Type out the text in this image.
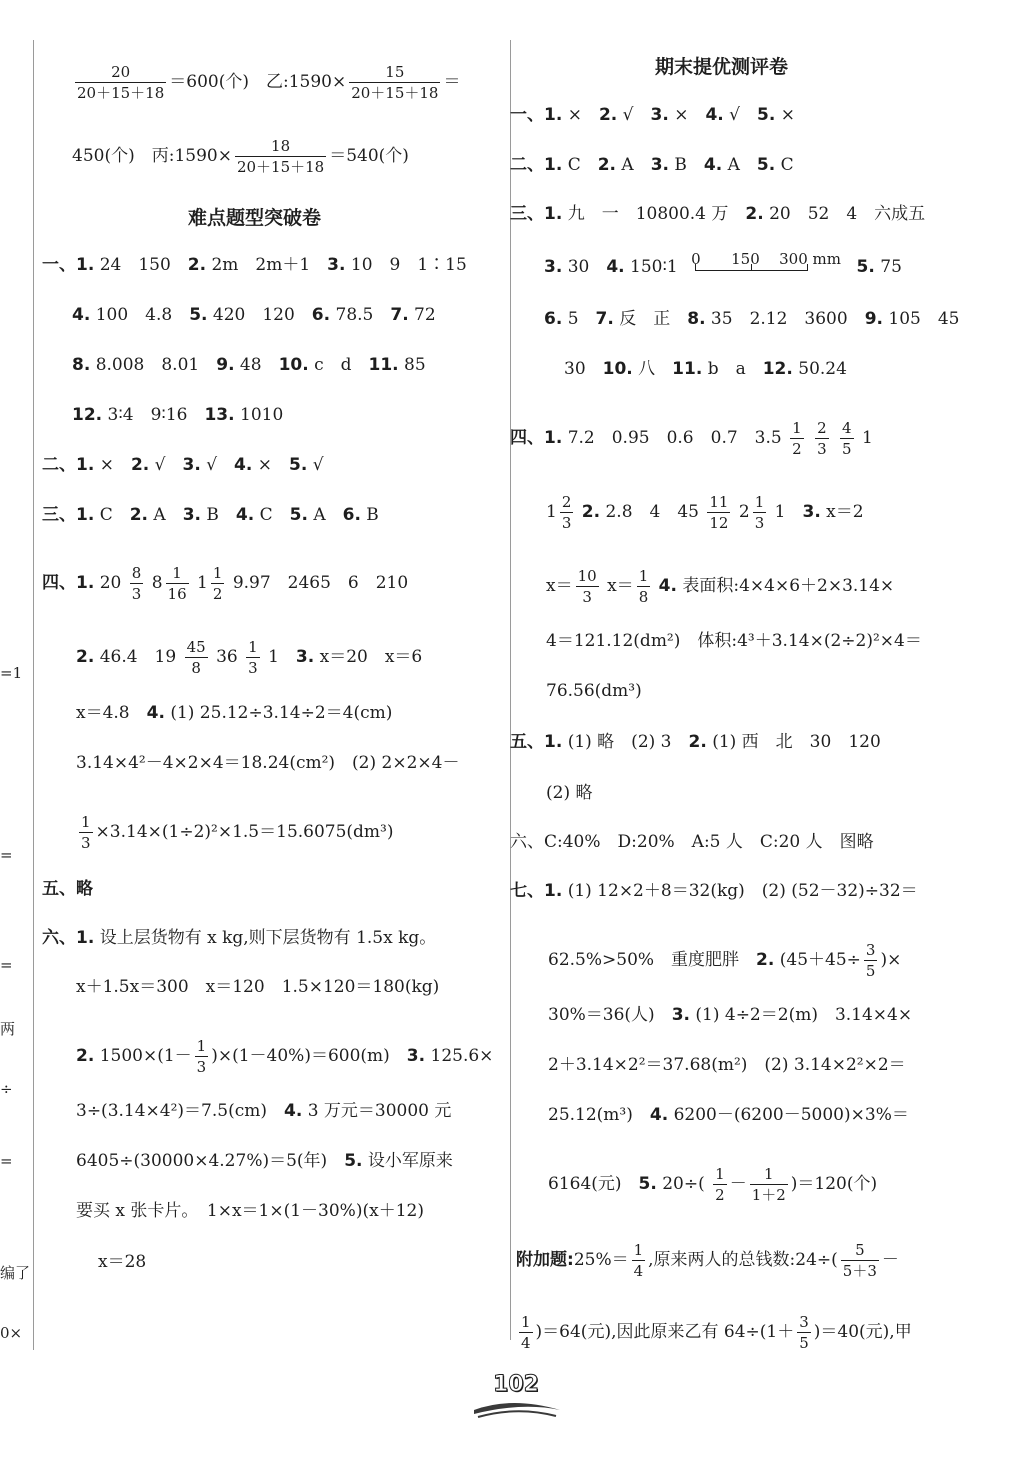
=1
=
=
两
÷
=
编了
0×
$\frac{20}{20+15+18} =600$(个)　乙:1590× $\frac{15}{20+15+18}$ ＝
450(个)　丙:1590× $\frac{18}{20+15+18} =540$(个)
难点题型突破卷
一、1. 24　150　2. 2m　2m＋1　3. 10　9　1∶15
4. 100　4.8　5. 420　120　6. 78.5　7. 72
8. 8.008　8.01　9. 48　10. c　d　11. 85
12. 3∶4　9∶16　13. 1010
二、1. ×　2. √　3. √　4. ×　5. √
三、1. C　2. A　3. B　4. C　5. A　6. B
四、1. $20 \frac{8}{3} 8 \frac{1}{16} 1 \frac{1}{2} 9.97$　2465　6　210
2. 46.4　$19 \frac{45}{8} 36 \frac{1}{3} 1$　3. x＝20　x＝6
x＝4.8　4. (1) 25.12÷3.14÷2＝4(cm)
3.14×4²－4×2×4＝18.24(cm²)　(2) 2×2×4－
$\frac{1}{3} \times 3.14\times(1\div 2)^2\times 1.5=15.6075(dm^3)$
五、略
六、1. 设上层货物有 x kg,则下层货物有 1.5x kg。
x＋1.5x＝300　x＝120　1.5×120＝180(kg)
2. $1500\times(1- \frac{1}{3} )\times(1-40\%)=600(m)$　3. 125.6×
3÷(3.14×4²)＝7.5(cm)　4. 3 万元＝30000 元
6405÷(30000×4.27%)＝5(年)　5. 设小军原来
要买 x 张卡片。　1×x＝1×(1－30%)(x＋12)
x＝28
期末提优测评卷
一、1. ×　2. √　3. ×　4. √　5. ×
二、1. C　2. A　3. B　4. A　5. C
三、1. 九　一　10800.4 万　2. 20　52　4　六成五
3. 30　4. 150∶1 0 150 300 mm 5. 75
6. 5　7. 反　正　8. 35　2.12　3600　9. 105　45
30　10. 八　11. b　a　12. 50.24
四、1. 7.2　0.95　0.6　0.7　$3.5 \frac{1}{2}$
$\frac{2}{3}$
$\frac{4}{5} 1$
$1 \frac{2}{3} 2$. 2.8　4　$45 \frac{11}{12} 2 \frac{1}{3} 1$　3. x＝2
$x= \frac{10}{3} x= \frac{1}{8} 4$. 表面积:4×4×6＋2×3.14×
4＝121.12(dm²)　体积:4³＋3.14×(2÷2)²×4＝
76.56(dm³)
五、1. (1) 略　(2) 3　2. (1) 西　北　30　120
(2) 略
六、C:40%　D:20%　A:5 人　C:20 人　图略
七、1. (1) 12×2＋8＝32(kg)　(2) (52－32)÷32＝
62.5%>50%　重度肥胖　2. ($45+45\div \frac{3}{5}$ )×
30%＝36(人)　3. (1) 4÷2＝2(m)　3.14×4×
2＋3.14×2²＝37.68(m²)　(2) 3.14×2²×2＝
25.12(m³)　4. 6200－(6200－5000)×3%＝
6164(元)　5. $20\div( \frac{1}{2} - \frac{1}{1+2} )=120$(个)
附加题:25%＝ $\frac{1}{4}$ ,原来两人的总钱数:24÷( $\frac{5}{5+3}$ －
$\frac{1}{4} )=64$(元),因此原来乙有 $64\div(1+ \frac{3}{5} )=40$(元),甲
102
